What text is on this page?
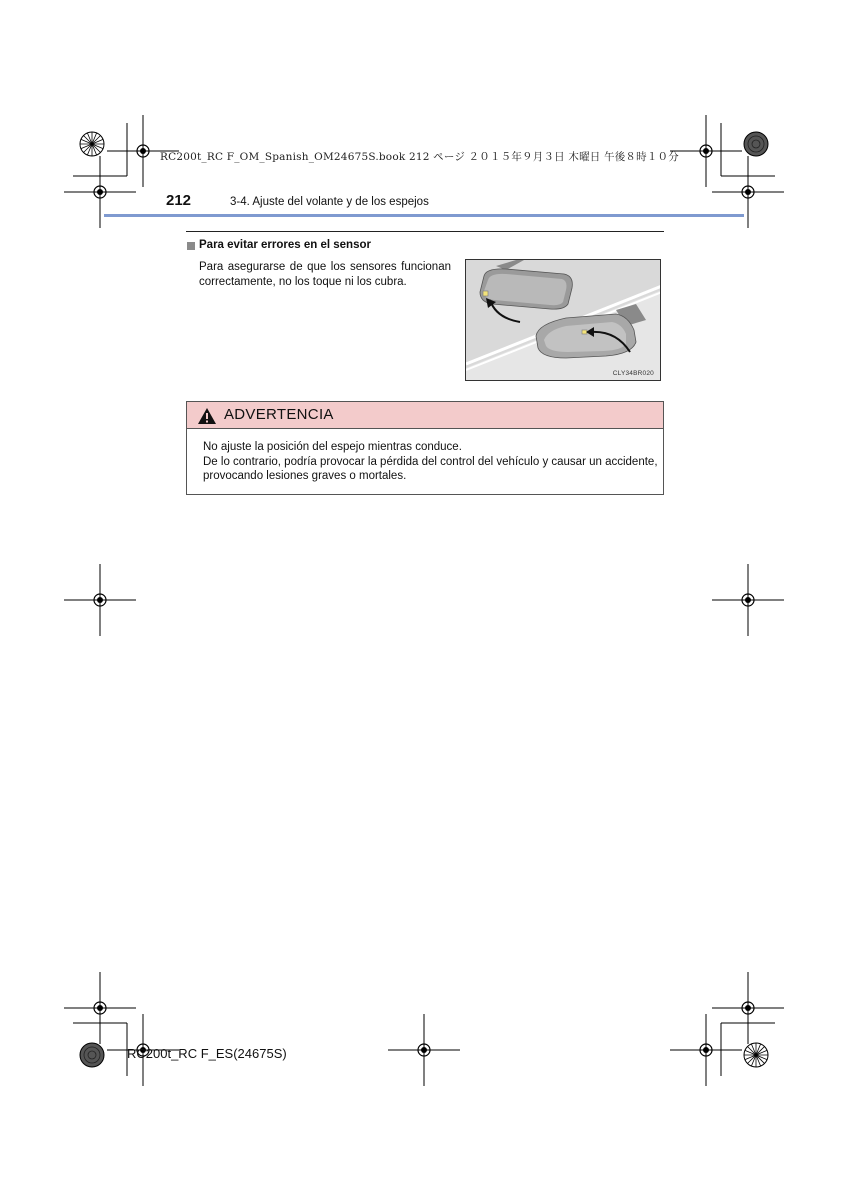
RC200t_RC F_OM_Spanish_OM24675S.book 212 ページ ２０１５年９月３日 木曜日 午後８時１０分
212	3-4. Ajuste del volante y de los espejos
Para evitar errores en el sensor
Para asegurarse de que los sensores funcionan correctamente, no los toque ni los cubra.
CLY34BR020
ADVERTENCIA
No ajuste la posición del espejo mientras conduce.
De lo contrario, podría provocar la pérdida del control del vehículo y causar un accidente,
provocando lesiones graves o mortales.
RC200t_RC F_ES(24675S)
